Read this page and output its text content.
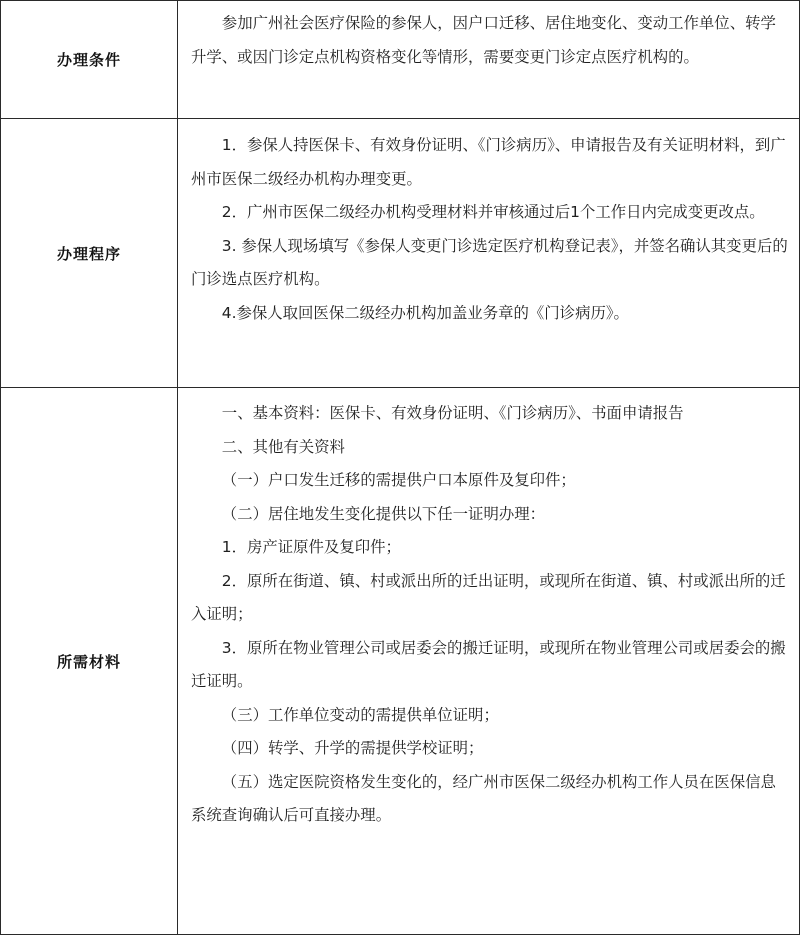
办理条件

参加广州社会医疗保险的参保人，因户口迁移、居住地变化、变动工作单位、转学升学、或因门诊定点机构资格变化等情形，需要变更门诊定点医疗机构的。

办理程序

1．参保人持医保卡、有效身份证明、《门诊病历》、申请报告及有关证明材料，到广州市医保二级经办机构办理变更。

2．广州市医保二级经办机构受理材料并审核通过后1个工作日内完成变更改点。

3. 参保人现场填写《参保人变更门诊选定医疗机构登记表》，并签名确认其变更后的门诊选点医疗机构。

4.参保人取回医保二级经办机构加盖业务章的《门诊病历》。

所需材料

一、基本资料：医保卡、有效身份证明、《门诊病历》、书面申请报告

二、其他有关资料

（一）户口发生迁移的需提供户口本原件及复印件；

（二）居住地发生变化提供以下任一证明办理：

1．房产证原件及复印件；

2．原所在街道、镇、村或派出所的迁出证明，或现所在街道、镇、村或派出所的迁入证明；

3．原所在物业管理公司或居委会的搬迁证明，或现所在物业管理公司或居委会的搬迁证明。

（三）工作单位变动的需提供单位证明；

（四）转学、升学的需提供学校证明；

（五）选定医院资格发生变化的，经广州市医保二级经办机构工作人员在医保信息系统查询确认后可直接办理。
